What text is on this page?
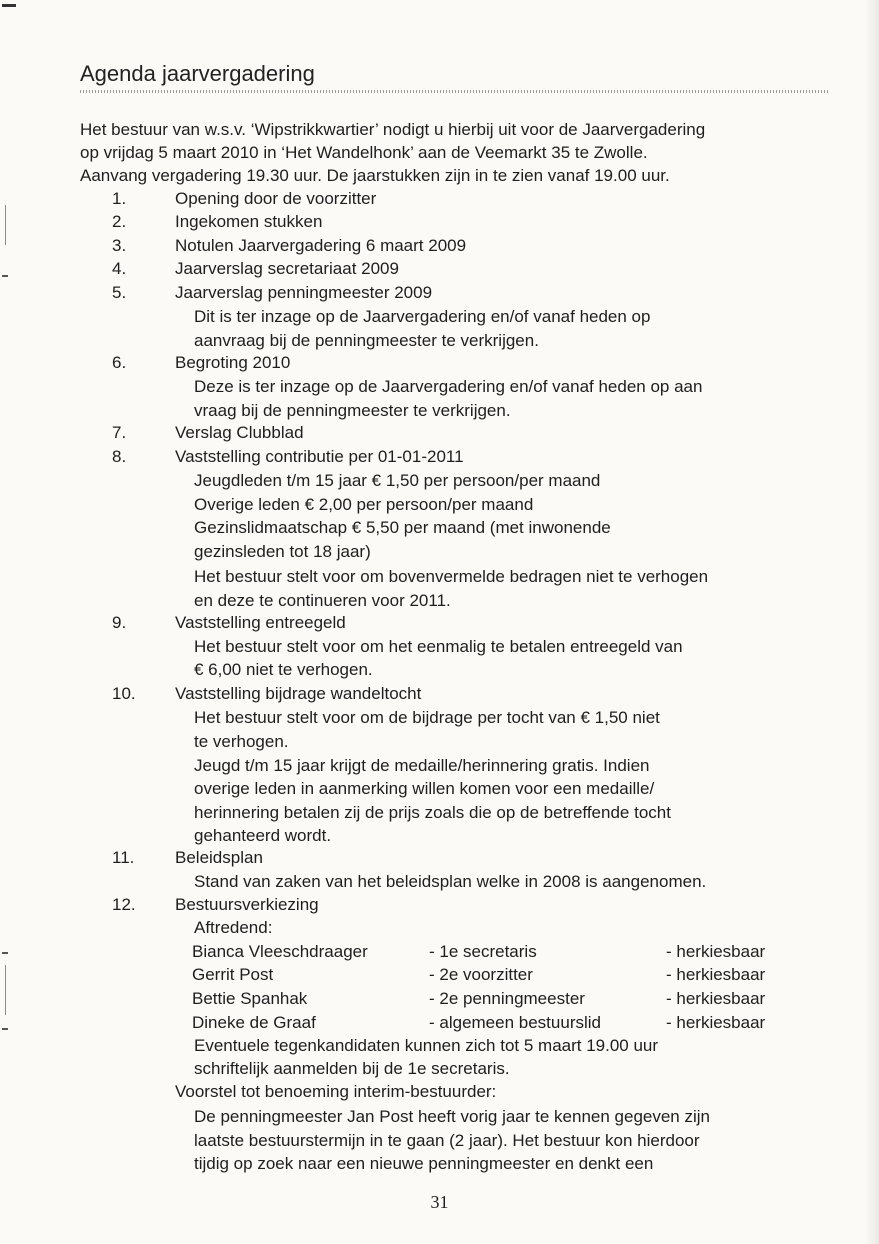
Agenda jaarvergadering
Het bestuur van w.s.v. ‘Wipstrikkwartier’ nodigt u hierbij uit voor de Jaarvergadering
op vrijdag 5 maart 2010 in ‘Het Wandelhonk’ aan de Veemarkt 35 te Zwolle.
Aanvang vergadering 19.30 uur. De jaarstukken zijn in te zien vanaf 19.00 uur.
1.	Opening door de voorzitter
2.	Ingekomen stukken
3.	Notulen Jaarvergadering 6 maart 2009
4.	Jaarverslag secretariaat 2009
5.	Jaarverslag penningmeester 2009
Dit is ter inzage op de Jaarvergadering en/of vanaf heden op
aanvraag bij de penningmeester te verkrijgen.
6.	Begroting 2010
Deze is ter inzage op de Jaarvergadering en/of vanaf heden op aan
vraag bij de penningmeester te verkrijgen.
7.	Verslag Clubblad
8.	Vaststelling contributie per 01-01-2011
Jeugdleden t/m 15 jaar € 1,50 per persoon/per maand
Overige leden € 2,00 per persoon/per maand
Gezinslidmaatschap € 5,50 per maand (met inwonende
gezinsleden tot 18 jaar)
Het bestuur stelt voor om bovenvermelde bedragen niet te verhogen
en deze te continueren voor 2011.
9.	Vaststelling entreegeld
Het bestuur stelt voor om het eenmalig te betalen entreegeld van
€ 6,00 niet te verhogen.
10. Vaststelling bijdrage wandeltocht
Het bestuur stelt voor om de bijdrage per tocht van € 1,50 niet
te verhogen.
Jeugd t/m 15 jaar krijgt de medaille/herinnering gratis. Indien
overige leden in aanmerking willen komen voor een medaille/
herinnering betalen zij de prijs zoals die op de betreffende tocht
gehanteerd wordt.
11. Beleidsplan
Stand van zaken van het beleidsplan welke in 2008 is aangenomen.
12. Bestuursverkiezing
Aftredend:
Bianca Vleeschdraager	- 1e secretaris	- herkiesbaar
Gerrit Post	- 2e voorzitter	- herkiesbaar
Bettie Spanhak	- 2e penningmeester	- herkiesbaar
Dineke de Graaf	- algemeen bestuurslid	- herkiesbaar
Eventuele tegenkandidaten kunnen zich tot 5 maart 19.00 uur
schriftelijk aanmelden bij de 1e secretaris.
Voorstel tot benoeming interim-bestuurder:
De penningmeester Jan Post heeft vorig jaar te kennen gegeven zijn
laatste bestuurstermijn in te gaan (2 jaar). Het bestuur kon hierdoor
tijdig op zoek naar een nieuwe penningmeester en denkt een
31
